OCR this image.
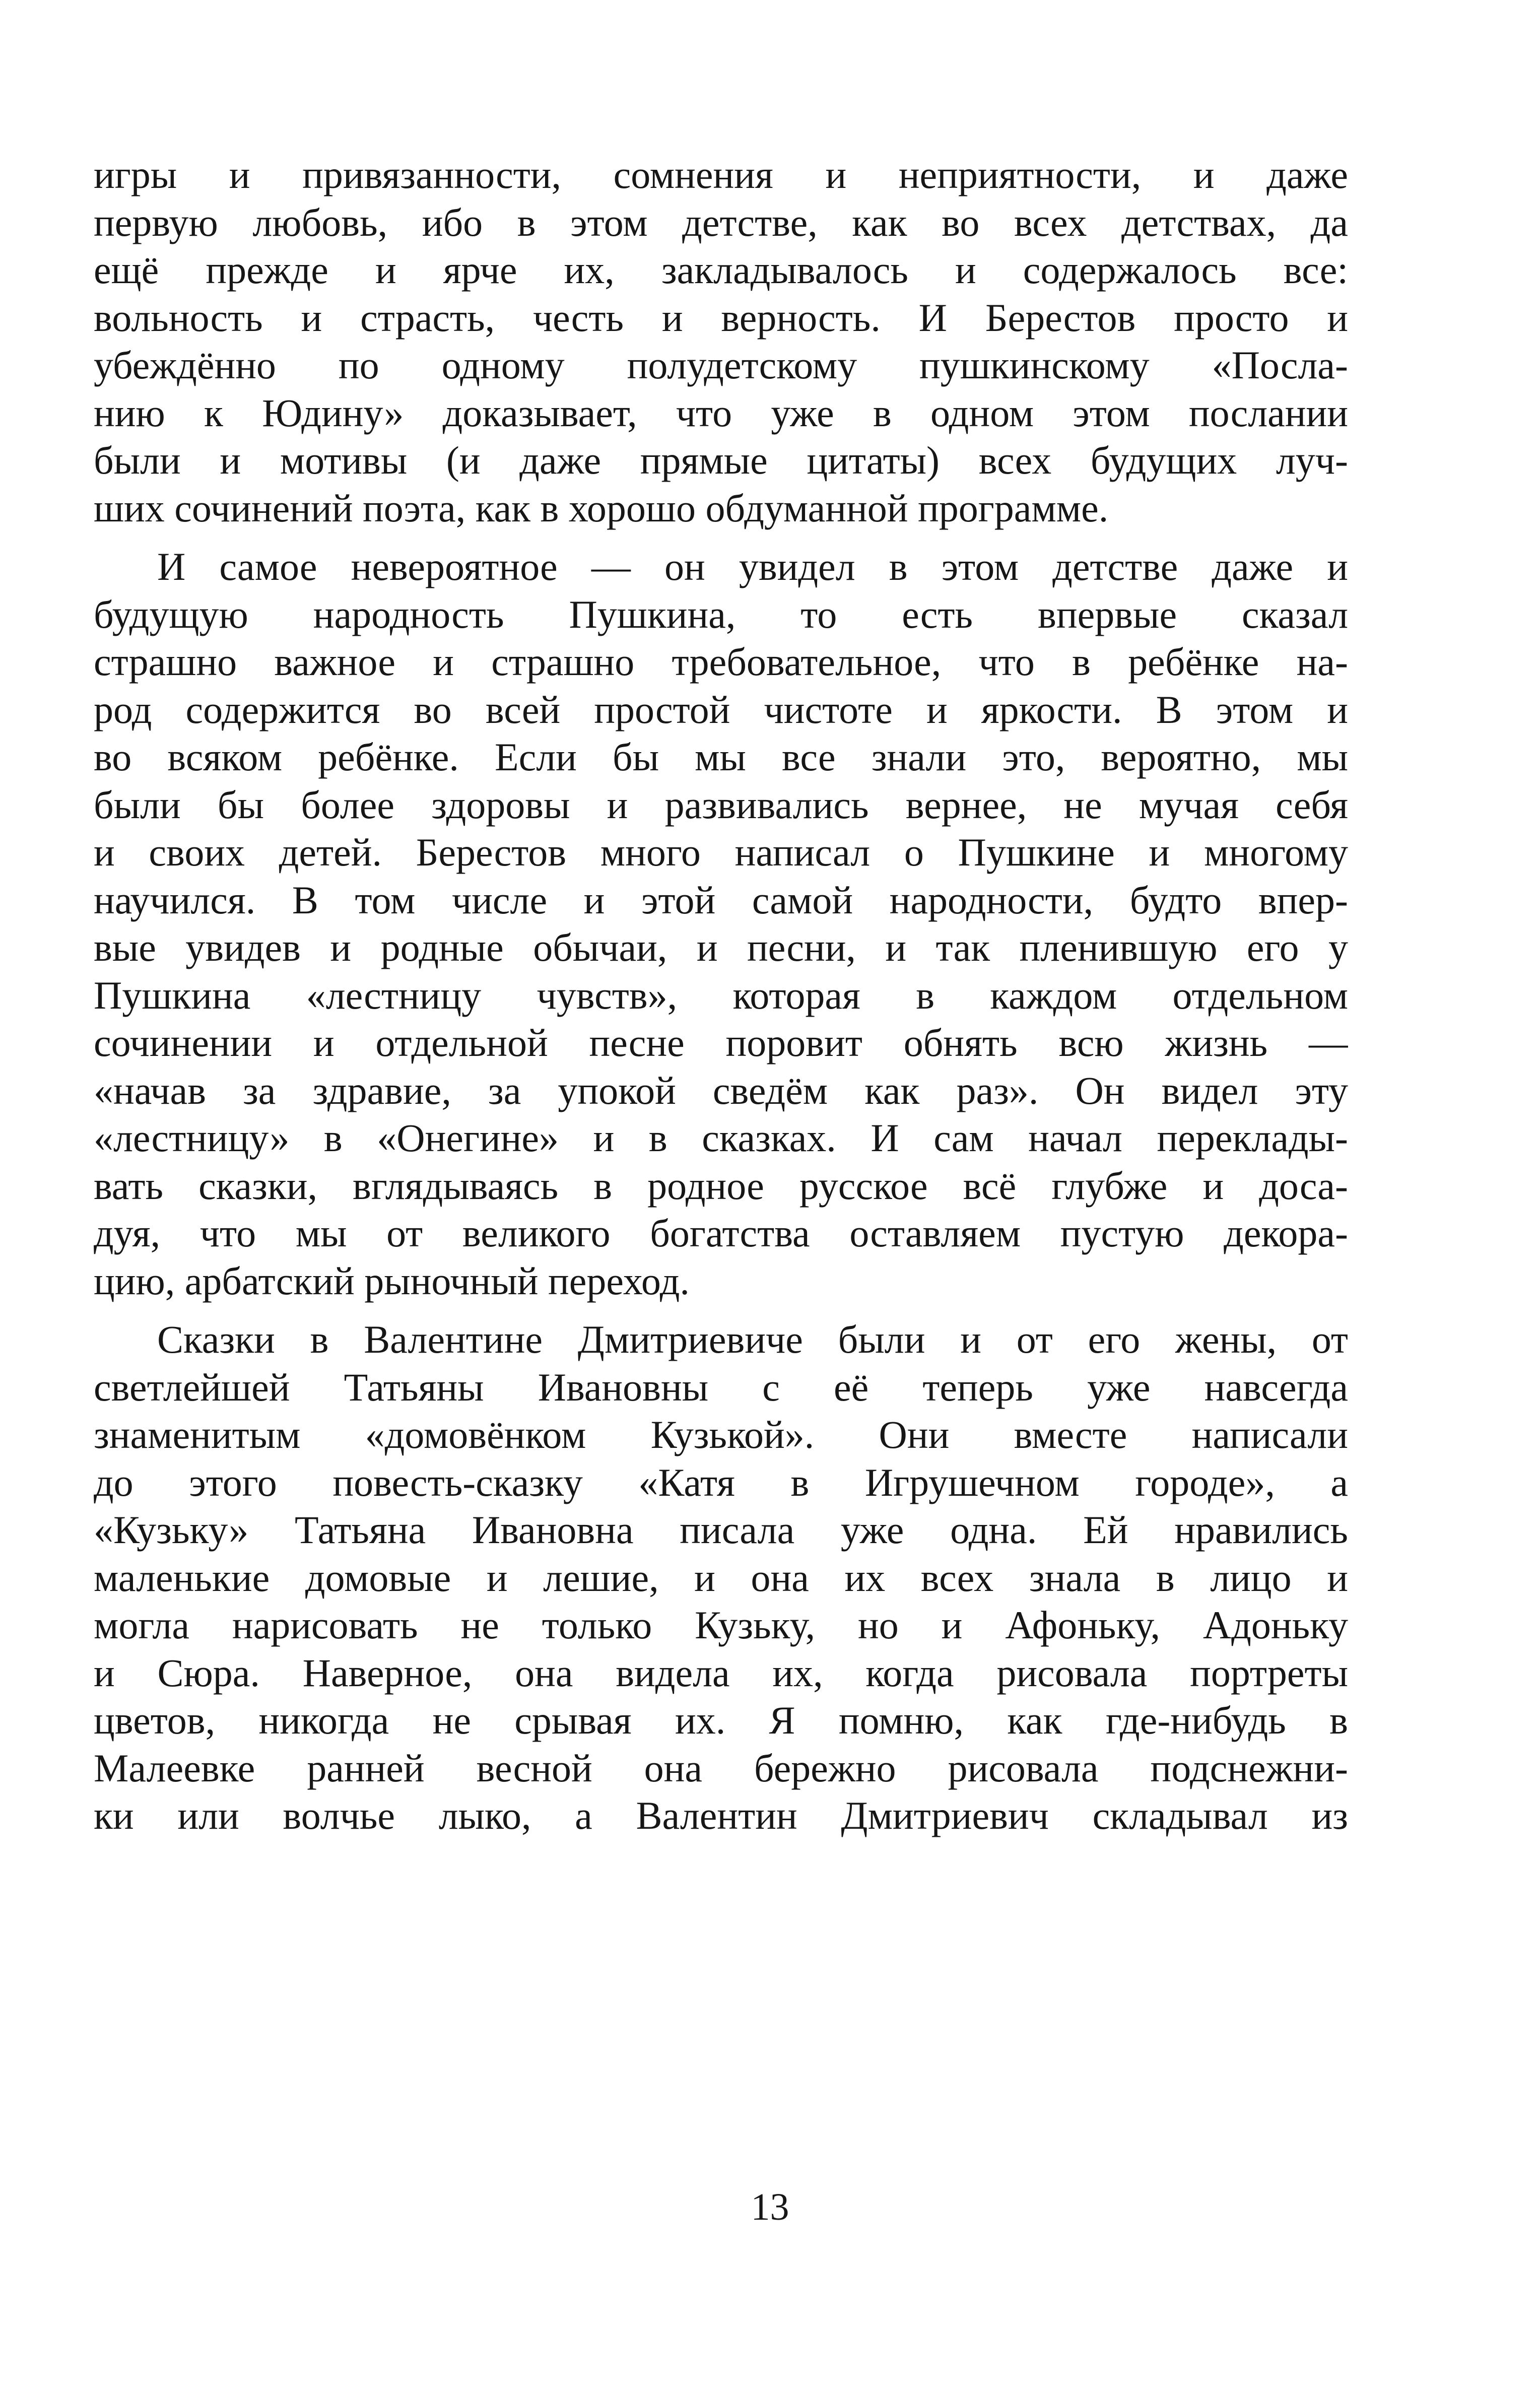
игры и привязанности, сомнения и неприятности, и даже
первую любовь, ибо в этом детстве, как во всех детствах, да
ещё прежде и ярче их, закладывалось и содержалось все:
вольность и страсть, честь и верность. И Берестов просто и
убеждённо по одному полудетскому пушкинскому «Посла-
нию к Юдину» доказывает, что уже в одном этом послании
были и мотивы (и даже прямые цитаты) всех будущих луч-
ших сочинений поэта, как в хорошо обдуманной программе.
И самое невероятное — он увидел в этом детстве даже и
будущую народность Пушкина, то есть впервые сказал
страшно важное и страшно требовательное, что в ребёнке на-
род содержится во всей простой чистоте и яркости. В этом и
во всяком ребёнке. Если бы мы все знали это, вероятно, мы
были бы более здоровы и развивались вернее, не мучая себя
и своих детей. Берестов много написал о Пушкине и многому
научился. В том числе и этой самой народности, будто впер-
вые увидев и родные обычаи, и песни, и так пленившую его у
Пушкина «лестницу чувств», которая в каждом отдельном
сочинении и отдельной песне поровит обнять всю жизнь —
«начав за здравие, за упокой сведём как раз». Он видел эту
«лестницу» в «Онегине» и в сказках. И сам начал переклады-
вать сказки, вглядываясь в родное русское всё глубже и доса-
дуя, что мы от великого богатства оставляем пустую декора-
цию, арбатский рыночный переход.
Сказки в Валентине Дмитриевиче были и от его жены, от
светлейшей Татьяны Ивановны с её теперь уже навсегда
знаменитым «домовёнком Кузькой». Они вместе написали
до этого повесть-сказку «Катя в Игрушечном городе», а
«Кузьку» Татьяна Ивановна писала уже одна. Ей нравились
маленькие домовые и лешие, и она их всех знала в лицо и
могла нарисовать не только Кузьку, но и Афоньку, Адоньку
и Сюра. Наверное, она видела их, когда рисовала портреты
цветов, никогда не срывая их. Я помню, как где-нибудь в
Малеевке ранней весной она бережно рисовала подснежни-
ки или волчье лыко, а Валентин Дмитриевич складывал из
13
